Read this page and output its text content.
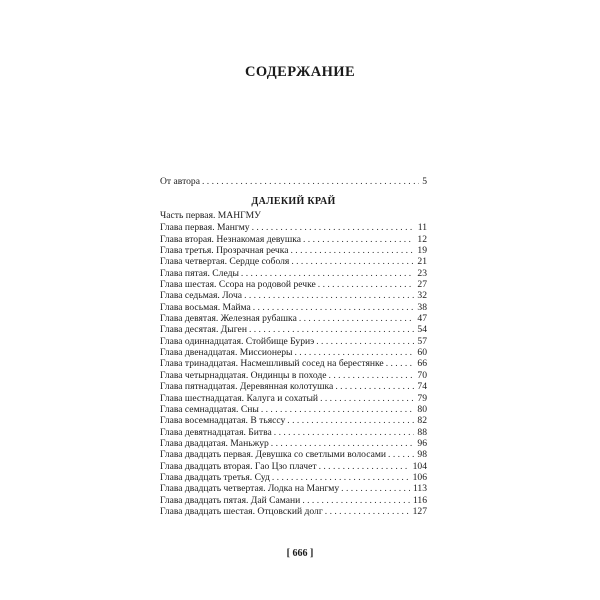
СОДЕРЖАНИЕ
От автора . . .	5
ДАЛЕКИЙ КРАЙ
Часть первая. МАНГМУ
Глава первая. Мангму . . .	11
Глава вторая. Незнакомая девушка . . .	12
Глава третья. Прозрачная речка . . .	19
Глава четвертая. Сердце соболя . . .	21
Глава пятая. Следы . . .	23
Глава шестая. Ссора на родовой речке . . .	27
Глава седьмая. Лоча . . .	32
Глава восьмая. Майма . . .	38
Глава девятая. Железная рубашка . . .	47
Глава десятая. Дыген . . .	54
Глава одиннадцатая. Стойбище Буриэ . . .	57
Глава двенадцатая. Миссионеры . . .	60
Глава тринадцатая. Насмешливый сосед на берестянке . . .	66
Глава четырнадцатая. Ондинцы в походе . . .	70
Глава пятнадцатая. Деревянная колотушка . . .	74
Глава шестнадцатая. Калуга и сохатый . . .	79
Глава семнадцатая. Сны . . .	80
Глава восемнадцатая. В тьяссу . . .	82
Глава девятнадцатая. Битва . . .	88
Глава двадцатая. Маньжур . . .	96
Глава двадцать первая. Девушка со светлыми волосами . . .	98
Глава двадцать вторая. Гао Цзо плачет . . .	104
Глава двадцать третья. Суд . . .	106
Глава двадцать четвертая. Лодка на Мангму . . .	113
Глава двадцать пятая. Дай Самани . . .	116
Глава двадцать шестая. Отцовский долг . . .	127
[ 666 ]
